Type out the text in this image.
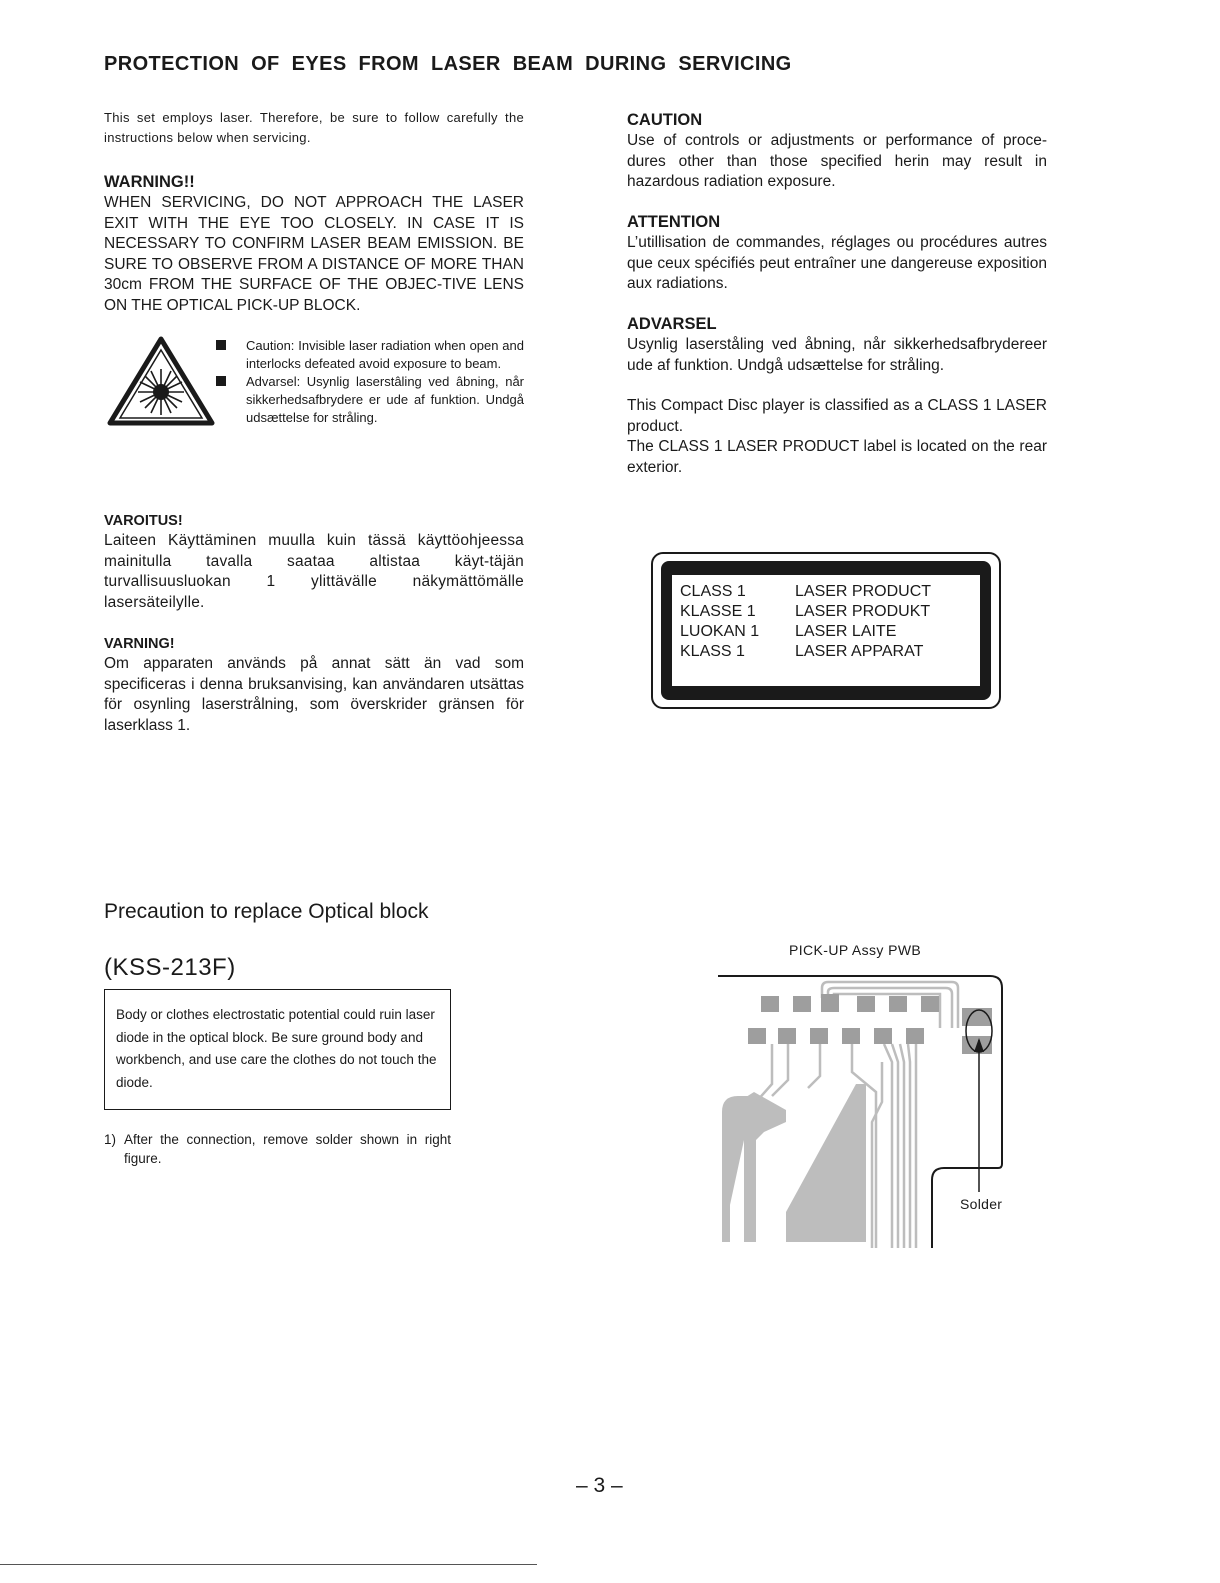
PROTECTION OF EYES FROM LASER BEAM DURING SERVICING

This set employs laser. Therefore, be sure to follow carefully the instructions below when servicing.

WARNING!!

WHEN SERVICING, DO NOT APPROACH THE LASER EXIT WITH THE EYE TOO CLOSELY. IN CASE IT IS NECESSARY TO CONFIRM LASER BEAM EMISSION. BE SURE TO OBSERVE FROM A DISTANCE OF MORE THAN 30cm FROM THE SURFACE OF THE OBJEC-TIVE LENS ON THE OPTICAL PICK-UP BLOCK.

Caution: Invisible laser radiation when open and interlocks defeated avoid exposure to beam.
Advarsel: Usynlig laserstâling ved âbning, når sikkerhedsafbrydere er ude af funktion. Undgå udsættelse for stråling.
VAROITUS!

Laiteen Käyttäminen muulla kuin tässä käyttöohjeessa mainitulla tavalla saataa altistaa käyt-täjän turvallisuusluokan 1 ylittävälle näkymättömälle lasersäteilylle.

VARNING!

Om apparaten används på annat sätt än vad som specificeras i denna bruksanvising, kan användaren utsättas för osynling laserstrålning, som överskrider gränsen för laserklass 1.

CAUTION

Use of controls or adjustments or performance of proce-dures other than those specified herin may result in hazardous radiation exposure.

ATTENTION

L’utillisation de commandes, réglages ou procédures autres que ceux spécifiés peut entraîner une dangereuse exposition aux radiations.

ADVARSEL

Usynlig laserståling ved åbning, når sikkerhedsafbrydereer ude af funktion. Undgå udsættelse for stråling.

This Compact Disc player is classified as a CLASS 1 LASER product.

The CLASS 1 LASER PRODUCT label is located on the rear exterior.

CLASS 1	LASER PRODUCT
KLASSE 1	LASER PRODUKT
LUOKAN 1	LASER LAITE
KLASS 1	LASER APPARAT
Precaution to replace Optical block
(KSS-213F)
Body or clothes electrostatic potential could ruin laser diode in the optical block. Be sure ground body and workbench, and use care the clothes do not touch the diode.
1) After the connection, remove solder shown in right figure.
PICK-UP Assy PWB
Solder
– 3 –
